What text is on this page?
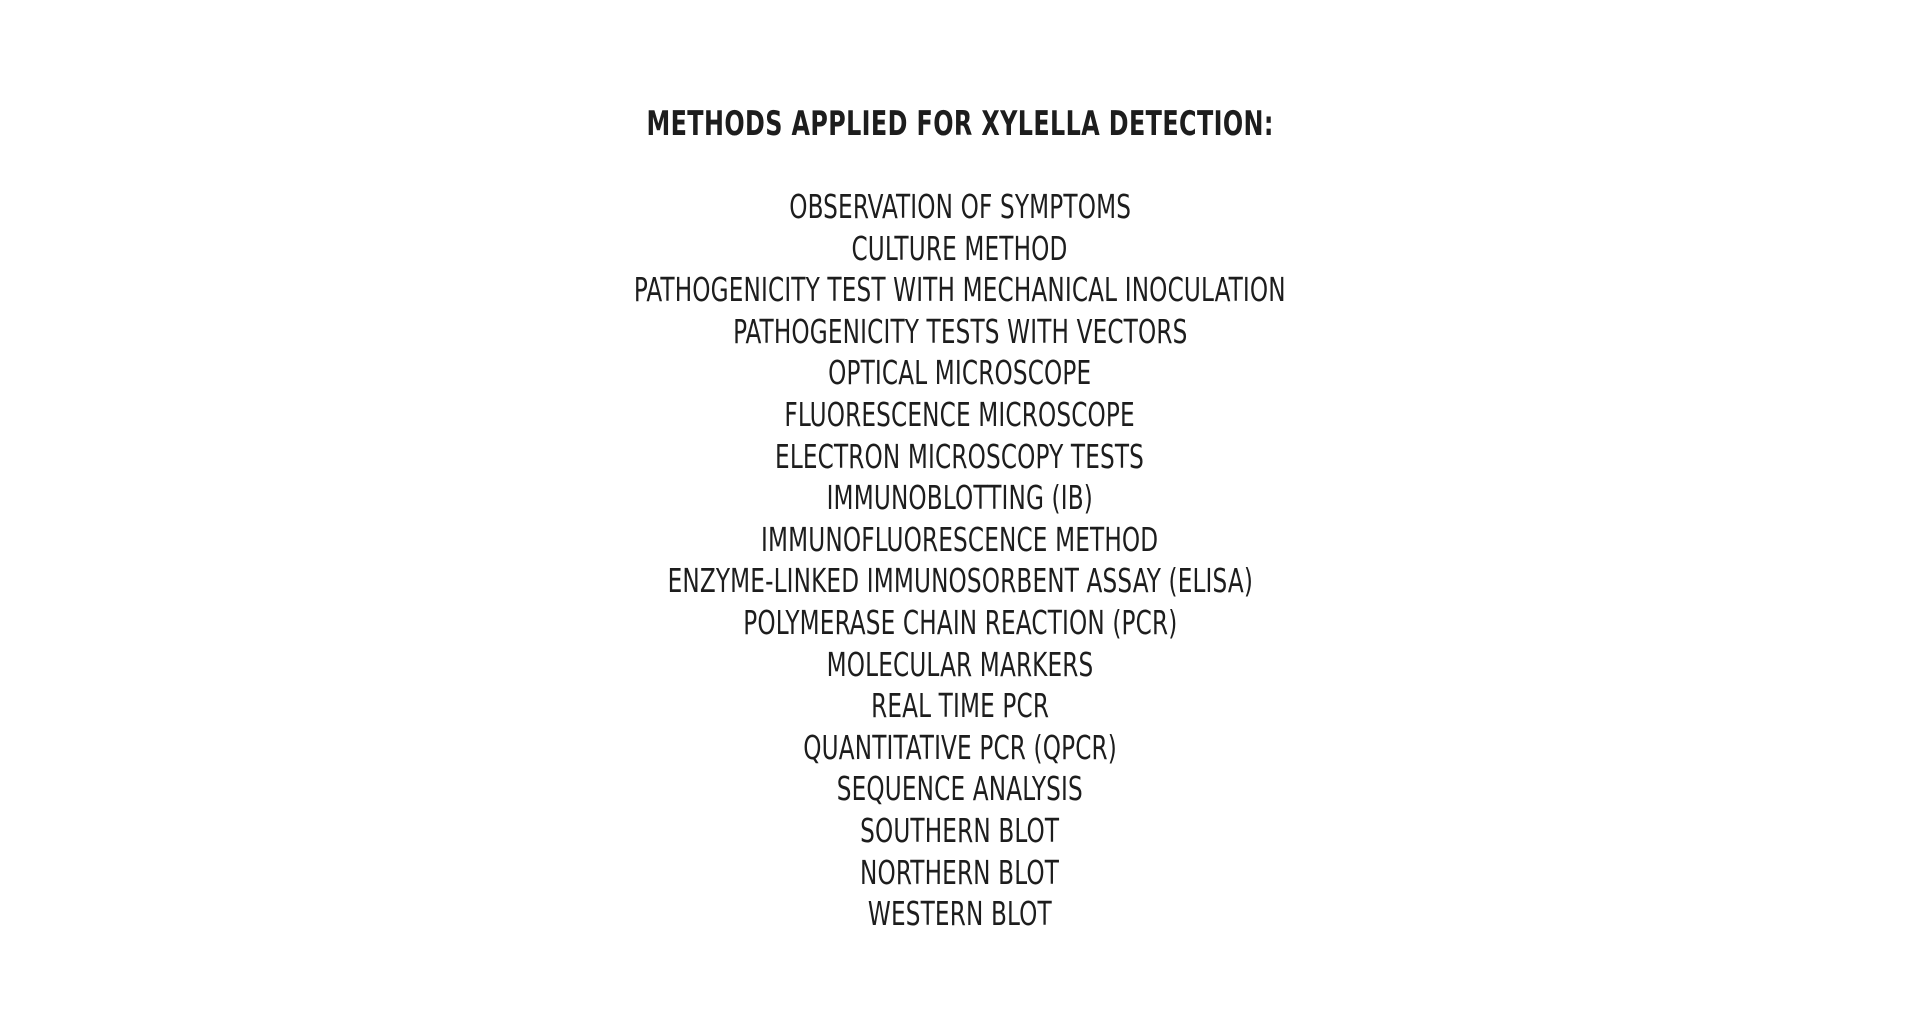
METHODS APPLIED FOR XYLELLA DETECTION:
OBSERVATION OF SYMPTOMS
CULTURE METHOD
PATHOGENICITY TEST WITH MECHANICAL INOCULATION
PATHOGENICITY TESTS WITH VECTORS
OPTICAL MICROSCOPE
FLUORESCENCE MICROSCOPE
ELECTRON MICROSCOPY TESTS
IMMUNOBLOTTING (IB)
IMMUNOFLUORESCENCE METHOD
ENZYME-LINKED IMMUNOSORBENT ASSAY (ELISA)
POLYMERASE CHAIN REACTION (PCR)
MOLECULAR MARKERS
REAL TIME PCR
QUANTITATIVE PCR (QPCR)
SEQUENCE ANALYSIS
SOUTHERN BLOT
NORTHERN BLOT
WESTERN BLOT
